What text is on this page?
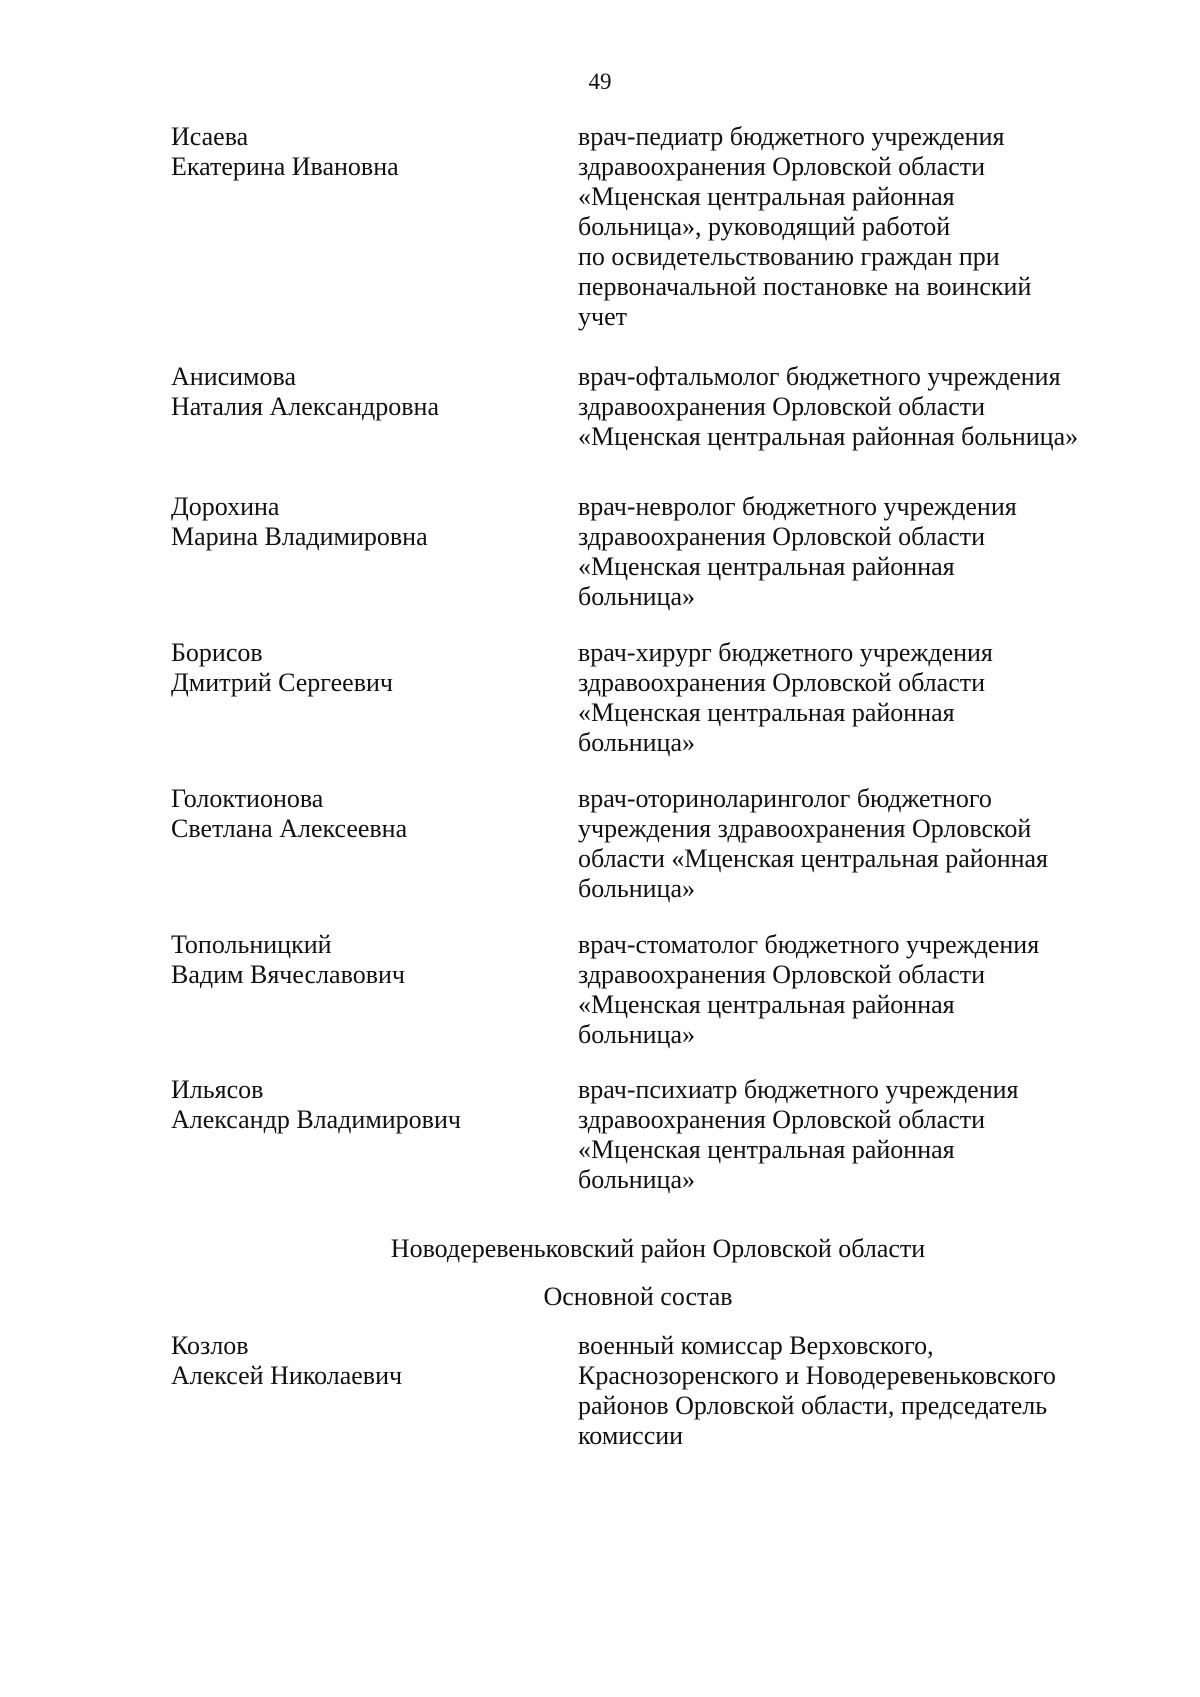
49
Исаева
Екатерина Ивановна
врач-педиатр бюджетного учреждения
здравоохранения Орловской области
«Мценская центральная районная
больница», руководящий работой
по освидетельствованию граждан при
первоначальной постановке на воинский
учет
Анисимова
Наталия Александровна
врач-офтальмолог бюджетного учреждения
здравоохранения Орловской области
«Мценская центральная районная больница»
Дорохина
Марина Владимировна
врач-невролог бюджетного учреждения
здравоохранения Орловской области
«Мценская центральная районная
больница»
Борисов
Дмитрий Сергеевич
врач-хирург бюджетного учреждения
здравоохранения Орловской области
«Мценская центральная районная
больница»
Голоктионова
Светлана Алексеевна
врач-оториноларинголог бюджетного
учреждения здравоохранения Орловской
области «Мценская центральная районная
больница»
Топольницкий
Вадим Вячеславович
врач-стоматолог бюджетного учреждения
здравоохранения Орловской области
«Мценская центральная районная
больница»
Ильясов
Александр Владимирович
врач-психиатр бюджетного учреждения
здравоохранения Орловской области
«Мценская центральная районная
больница»
Новодеревеньковский район Орловской области
Основной состав
Козлов
Алексей Николаевич
военный комиссар Верховского,
Краснозоренского и Новодеревеньковского
районов Орловской области, председатель
комиссии
